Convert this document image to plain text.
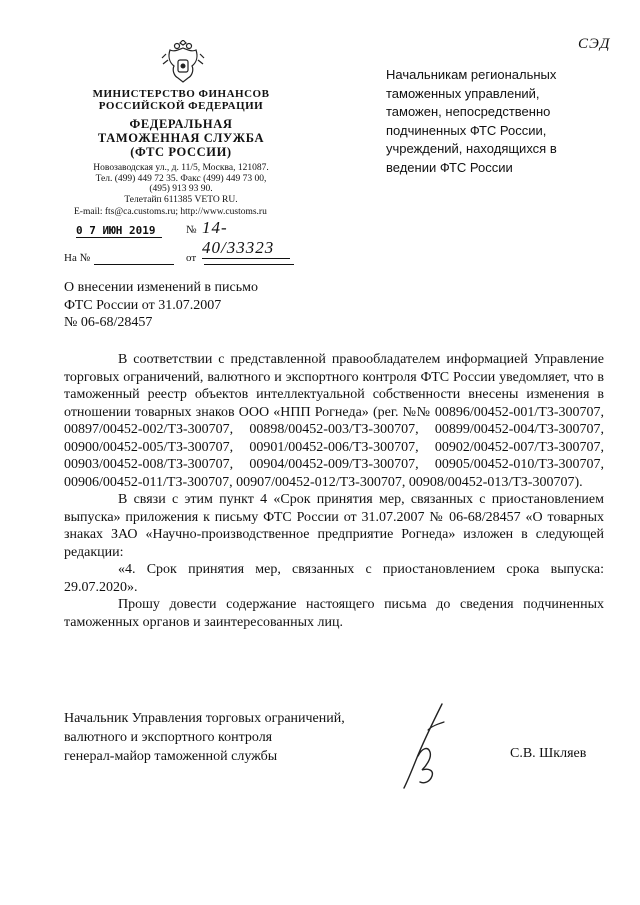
СЭД
МИНИСТЕРСТВО ФИНАНСОВ
РОССИЙСКОЙ ФЕДЕРАЦИИ
ФЕДЕРАЛЬНАЯ
ТАМОЖЕННАЯ СЛУЖБА
(ФТС РОССИИ)
Новозаводская ул., д. 11/5, Москва, 121087.
Тел. (499) 449 72 35. Факс (499) 449 73 00,
(495) 913 93 90.
Телетайп 611385 VETO RU.
E-mail: fts@ca.customs.ru; http://www.customs.ru
0 7 ИЮН 2019	№ 14-40/33323
На №	от
Начальникам региональных
таможенных управлений,
таможен, непосредственно
подчиненных ФТС России,
учреждений, находящихся в
ведении ФТС России
О внесении изменений в письмо
ФТС России от 31.07.2007
№ 06-68/28457

В соответствии с представленной правообладателем информацией Управление торговых ограничений, валютного и экспортного контроля ФТС России уведомляет, что в таможенный реестр объектов интеллектуальной собственности внесены изменения в отношении товарных знаков ООО «НПП Рогнеда» (рег. №№ 00896/00452-001/ТЗ-300707, 00897/00452-002/ТЗ-300707, 00898/00452-003/ТЗ-300707, 00899/00452-004/ТЗ-300707, 00900/00452-005/ТЗ-300707, 00901/00452-006/ТЗ-300707, 00902/00452-007/ТЗ-300707, 00903/00452-008/ТЗ-300707, 00904/00452-009/ТЗ-300707, 00905/00452-010/ТЗ-300707, 00906/00452-011/ТЗ-300707, 00907/00452-012/ТЗ-300707, 00908/00452-013/ТЗ-300707).

В связи с этим пункт 4 «Срок принятия мер, связанных с приостановлением выпуска» приложения к письму ФТС России от 31.07.2007 № 06-68/28457 «О товарных знаках ЗАО «Научно-производственное предприятие Рогнеда» изложен в следующей редакции:

«4. Срок принятия мер, связанных с приостановлением срока выпуска: 29.07.2020».

Прошу довести содержание настоящего письма до сведения подчиненных таможенных органов и заинтересованных лиц.

Начальник Управления торговых ограничений,
валютного и экспортного контроля
генерал-майор таможенной службы	С.В. Шкляев
